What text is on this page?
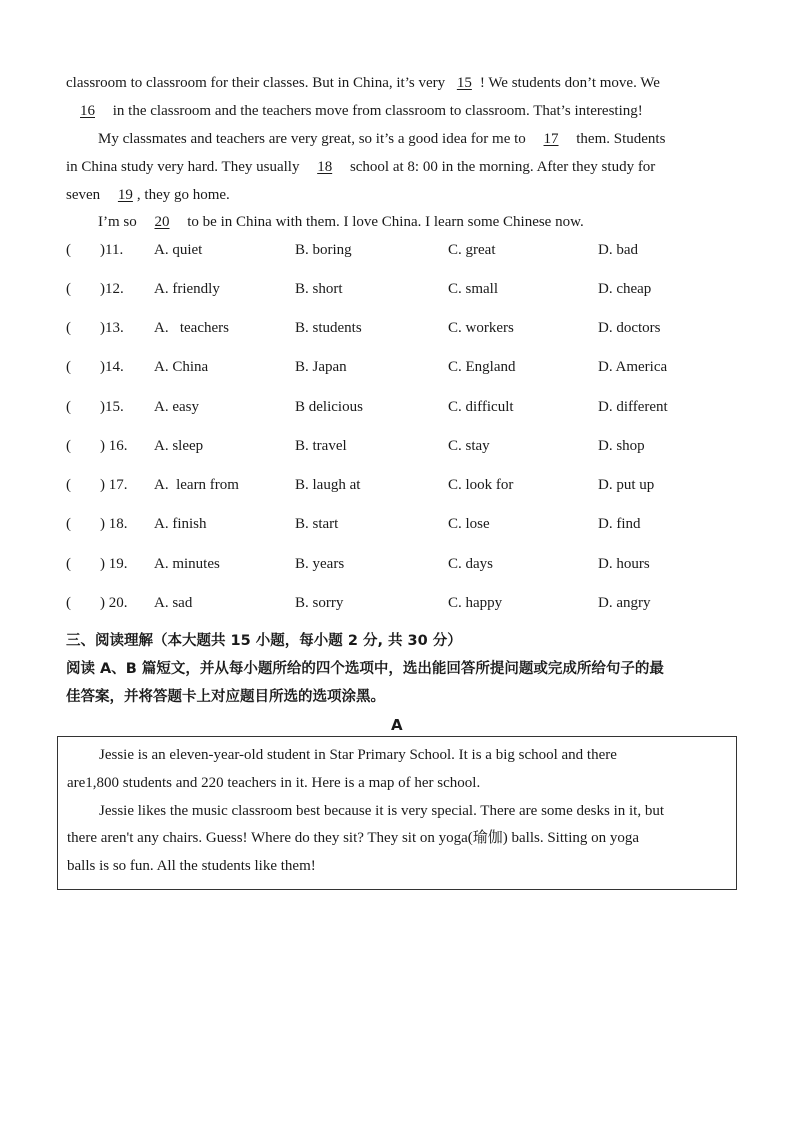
classroom to classroom for their classes. But in China, it’s very 15 ! We students don’t move. We
16 in the classroom and the teachers move from classroom to classroom. That’s interesting!
My classmates and teachers are very great, so it’s a good idea for me to 17 them. Students
in China study very hard. They usually 18 school at 8: 00 in the morning. After they study for
seven 19 , they go home.
I’m so 20 to be in China with them. I love China. I learn some Chinese now.
( )11. A. quiet	B. boring	C. great	D. bad
( )12. A. friendly	B. short	C. small	D. cheap
( )13. A.   teachers	B. students	C. workers	D. doctors
( )14. A. China	B. Japan	C. England	D. America
( )15. A. easy	B delicious	C. difficult	D. different
( ) 16. A. sleep	B. travel	C. stay	D. shop
( ) 17. A.  learn from	B. laugh at	C. look for	D. put up
( ) 18. A. finish	B. start	C. lose	D. find
( ) 19. A. minutes	B. years	C. days	D. hours
( ) 20. A. sad	B. sorry	C. happy	D. angry
三、阅读理解（本大题共 15 小题，每小题 2 分, 共 30 分）
阅读 A、B 篇短文，并从每小题所给的四个选项中，选出能回答所提问题或完成所给句子的最
佳答案，并将答题卡上对应题目所选的选项涂黑。
A
Jessie is an eleven-year-old student in Star Primary School. It is a big school and there
are1,800 students and 220 teachers in it. Here is a map of her school.
Jessie likes the music classroom best because it is very special. There are some desks in it, but
there aren't any chairs. Guess! Where do they sit? They sit on yoga(瑜伽) balls. Sitting on yoga
balls is so fun. All the students like them!
